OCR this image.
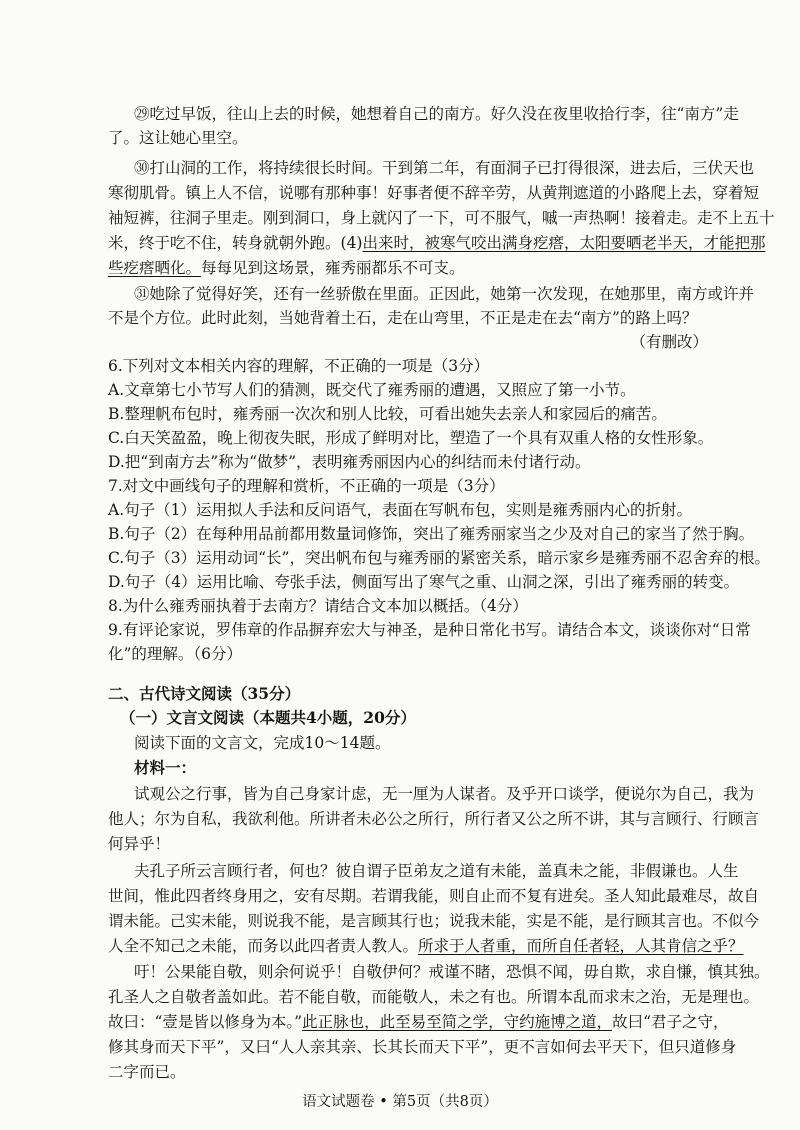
㉙吃过早饭，往山上去的时候，她想着自己的南方。好久没在夜里收拾行李，往“南方”走
了。这让她心里空。
㉚打山洞的工作，将持续很长时间。干到第二年，有面洞子已打得很深，进去后，三伏天也
寒彻肌骨。镇上人不信，说哪有那种事！好事者便不辞辛劳，从黄荆遮道的小路爬上去，穿着短
袖短裤，往洞子里走。刚到洞口，身上就闪了一下，可不服气，嘁一声热啊！接着走。走不上五十
米，终于吃不住，转身就朝外跑。(4)出来时，被寒气咬出满身疙瘩，太阳要晒老半天，才能把那
些疙瘩晒化。每每见到这场景，雍秀丽都乐不可支。
㉛她除了觉得好笑，还有一丝骄傲在里面。正因此，她第一次发现，在她那里，南方或许并
不是个方位。此时此刻，当她背着土石，走在山弯里，不正是走在去“南方”的路上吗？
（有删改）
6.下列对文本相关内容的理解，不正确的一项是（3分）
A.文章第七小节写人们的猜测，既交代了雍秀丽的遭遇，又照应了第一小节。
B.整理帆布包时，雍秀丽一次次和别人比较，可看出她失去亲人和家园后的痛苦。
C.白天笑盈盈，晚上彻夜失眠，形成了鲜明对比，塑造了一个具有双重人格的女性形象。
D.把“到南方去”称为“做梦”，表明雍秀丽因内心的纠结而未付诸行动。
7.对文中画线句子的理解和赏析，不正确的一项是（3分）
A.句子（1）运用拟人手法和反问语气，表面在写帆布包，实则是雍秀丽内心的折射。
B.句子（2）在每种用品前都用数量词修饰，突出了雍秀丽家当之少及对自己的家当了然于胸。
C.句子（3）运用动词“长”，突出帆布包与雍秀丽的紧密关系，暗示家乡是雍秀丽不忍舍弃的根。
D.句子（4）运用比喻、夸张手法，侧面写出了寒气之重、山洞之深，引出了雍秀丽的转变。
8.为什么雍秀丽执着于去南方？请结合文本加以概括。（4分）
9.有评论家说，罗伟章的作品摒弃宏大与神圣，是种日常化书写。请结合本文，谈谈你对“日常
化”的理解。（6分）
二、古代诗文阅读（35分）
（一）文言文阅读（本题共4小题，20分）
阅读下面的文言文，完成10～14题。
材料一：
试观公之行事，皆为自己身家计虑，无一厘为人谋者。及乎开口谈学，便说尔为自己，我为
他人；尔为自私，我欲利他。所讲者未必公之所行，所行者又公之所不讲，其与言顾行、行顾言
何异乎！
夫孔子所云言顾行者，何也？彼自谓子臣弟友之道有未能，盖真未之能，非假谦也。人生
世间，惟此四者终身用之，安有尽期。若谓我能，则自止而不复有进矣。圣人知此最难尽，故自
谓未能。己实未能，则说我不能，是言顾其行也；说我未能，实是不能，是行顾其言也。不似今
人全不知己之未能，而务以此四者责人教人。所求于人者重，而所自任者轻，人其肯信之乎？
吁！公果能自敬，则余何说乎！自敬伊何？戒谨不睹，恐惧不闻，毋自欺，求自慊，慎其独。
孔圣人之自敬者盖如此。若不能自敬，而能敬人，未之有也。所谓本乱而求末之治，无是理也。
故曰：“壹是皆以修身为本。”此正脉也，此至易至简之学，守约施博之道，故曰“君子之守，
语文试题卷 • 第5页（共8页）
修其身而天下平”，又曰“人人亲其亲、长其长而天下平”，更不言如何去平天下，但只道修身
二字而已。
